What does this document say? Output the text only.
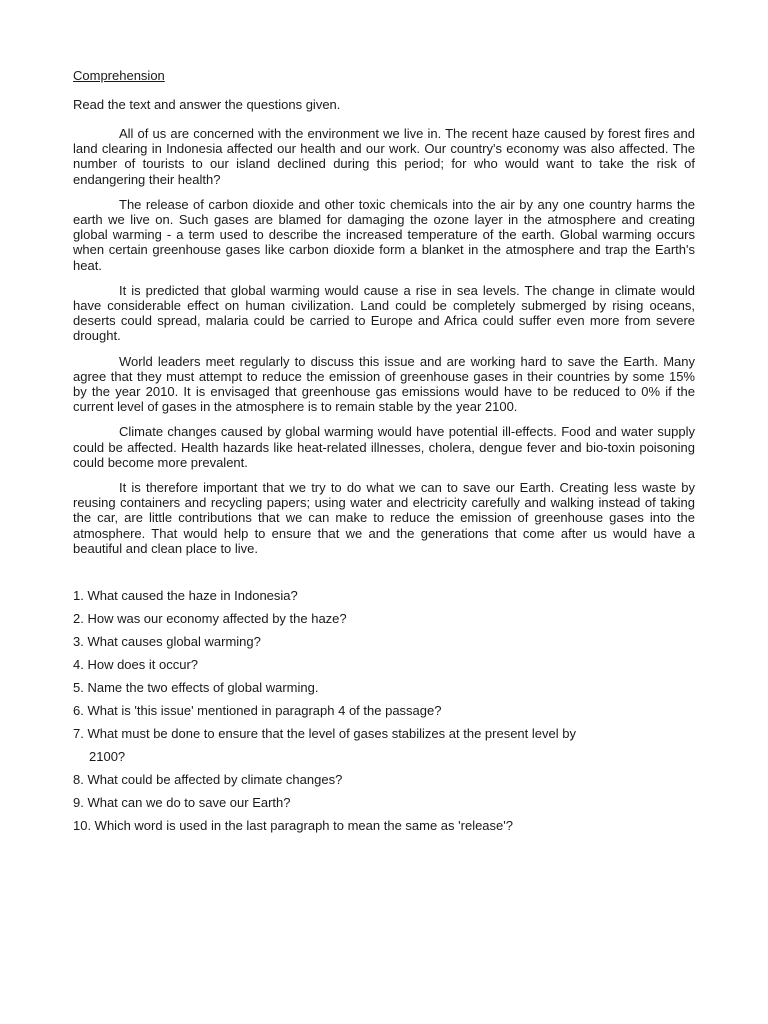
Comprehension

Read the text and answer the questions given.

All of us are concerned with the environment we live in. The recent haze caused by forest fires and land clearing in Indonesia affected our health and our work. Our country's economy was also affected. The number of tourists to our island declined during this period; for who would want to take the risk of endangering their health?

The release of carbon dioxide and other toxic chemicals into the air by any one country harms the earth we live on. Such gases are blamed for damaging the ozone layer in the atmosphere and creating global warming - a term used to describe the increased temperature of the earth. Global warming occurs when certain greenhouse gases like carbon dioxide form a blanket in the atmosphere and trap the Earth's heat.

It is predicted that global warming would cause a rise in sea levels. The change in climate would have considerable effect on human civilization. Land could be completely submerged by rising oceans, deserts could spread, malaria could be carried to Europe and Africa could suffer even more from severe drought.

World leaders meet regularly to discuss this issue and are working hard to save the Earth. Many agree that they must attempt to reduce the emission of greenhouse gases in their countries by some 15% by the year 2010. It is envisaged that greenhouse gas emissions would have to be reduced to 0% if the current level of gases in the atmosphere is to remain stable by the year 2100.

Climate changes caused by global warming would have potential ill-effects. Food and water supply could be affected. Health hazards like heat-related illnesses, cholera, dengue fever and bio-toxin poisoning could become more prevalent.

It is therefore important that we try to do what we can to save our Earth. Creating less waste by reusing containers and recycling papers; using water and electricity carefully and walking instead of taking the car, are little contributions that we can make to reduce the emission of greenhouse gases into the atmosphere. That would help to ensure that we and the generations that come after us would have a beautiful and clean place to live.

1. What caused the haze in Indonesia?
2. How was our economy affected by the haze?
3. What causes global warming?
4. How does it occur?
5. Name the two effects of global warming.
6. What is 'this issue' mentioned in paragraph 4 of the passage?
7. What must be done to ensure that the level of gases stabilizes at the present level by
2100?
8. What could be affected by climate changes?
9. What can we do to save our Earth?
10. Which word is used in the last paragraph to mean the same as 'release'?
